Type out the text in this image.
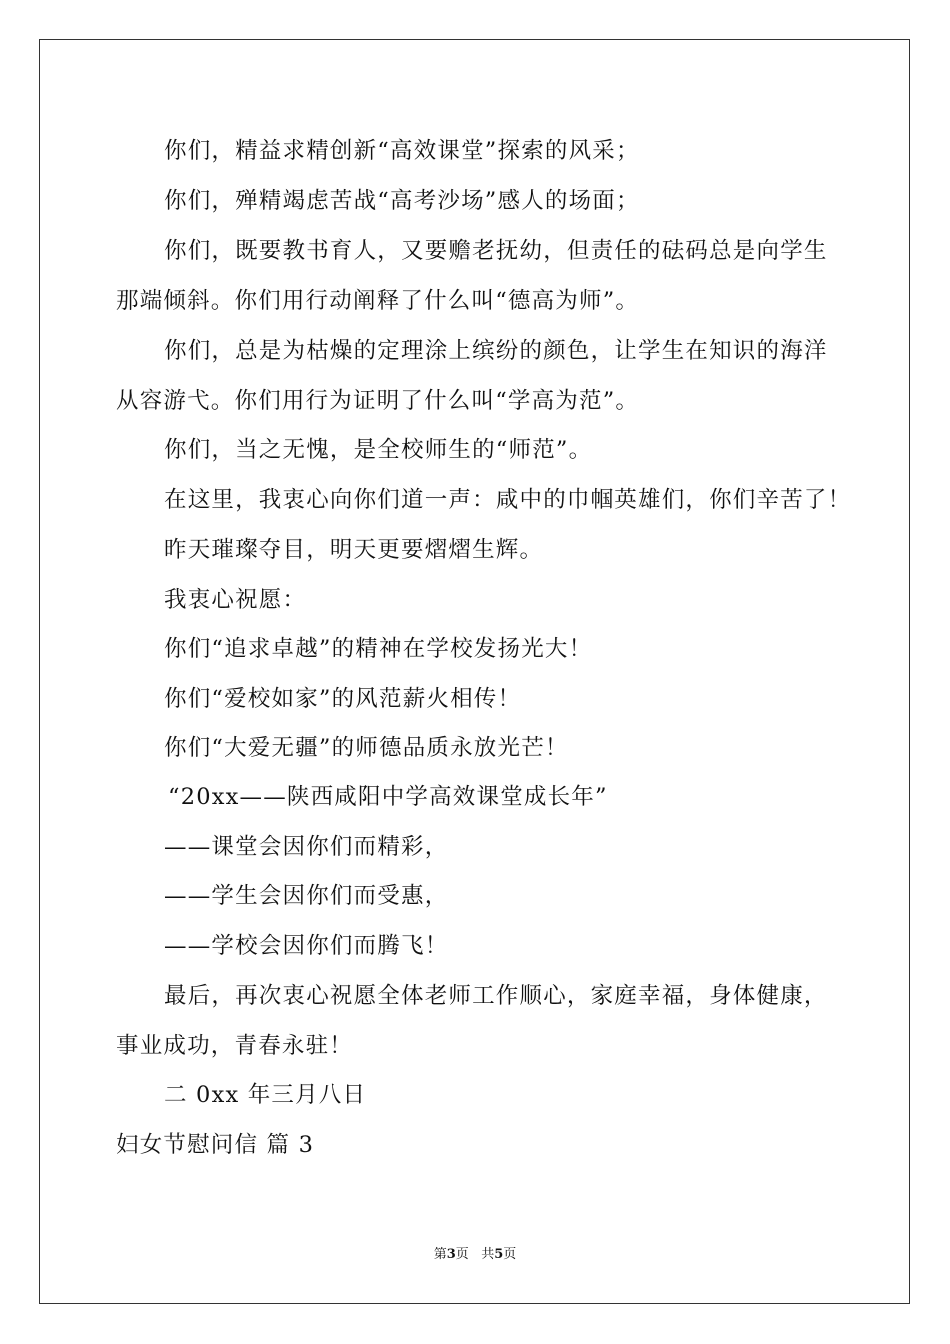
你们，精益求精创新“高效课堂”探索的风采；
你们，殚精竭虑苦战“高考沙场”感人的场面；
你们，既要教书育人，又要赡老抚幼，但责任的砝码总是向学生
那端倾斜。你们用行动阐释了什么叫“德高为师”。
你们，总是为枯燥的定理涂上缤纷的颜色，让学生在知识的海洋
从容游弋。你们用行为证明了什么叫“学高为范”。
你们，当之无愧，是全校师生的“师范”。
在这里，我衷心向你们道一声：咸中的巾帼英雄们，你们辛苦了！
昨天璀璨夺目，明天更要熠熠生辉。
我衷心祝愿：
你们“追求卓越”的精神在学校发扬光大！
你们“爱校如家”的风范薪火相传！
你们“大爱无疆”的师德品质永放光芒！
“20xx——陕西咸阳中学高效课堂成长年”
——课堂会因你们而精彩，
——学生会因你们而受惠，
——学校会因你们而腾飞！
最后，再次衷心祝愿全体老师工作顺心，家庭幸福，身体健康，
事业成功，青春永驻！
二 0xx 年三月八日
妇女节慰问信 篇 3
第3页   共5页
